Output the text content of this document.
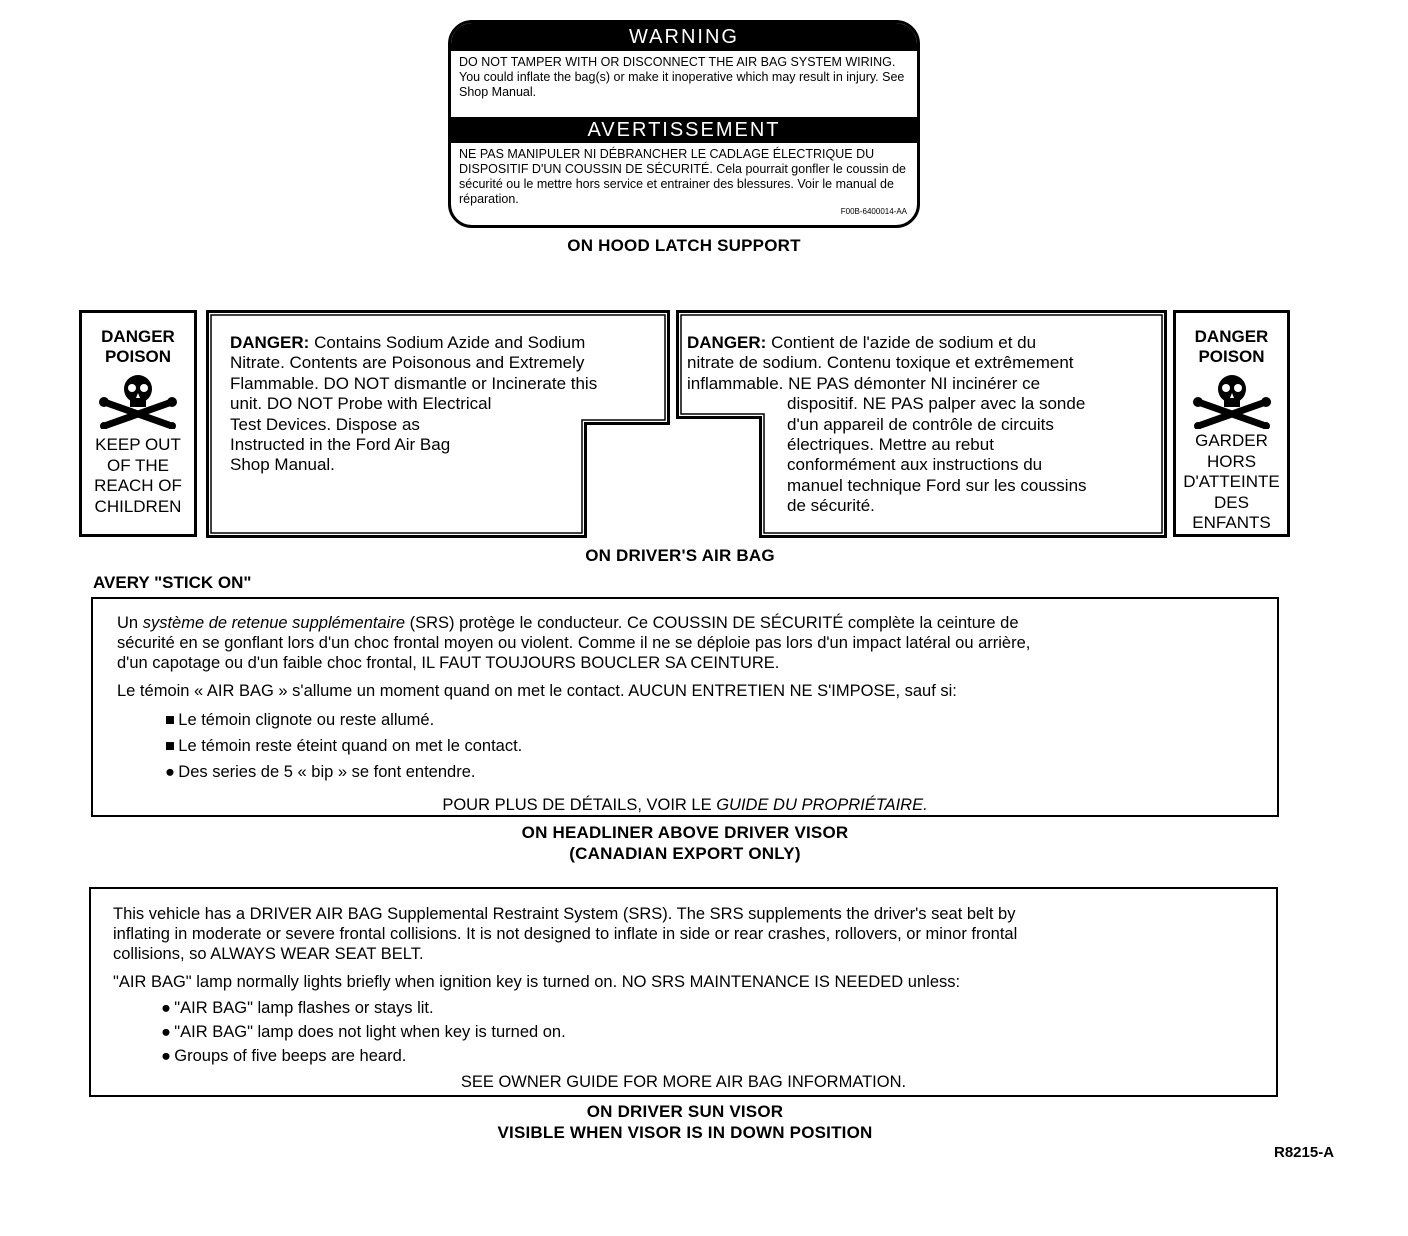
WARNING
DO NOT TAMPER WITH OR DISCONNECT THE AIR BAG SYSTEM WIRING. You could inflate the bag(s) or make it inoperative which may result in injury. See Shop Manual.
AVERTISSEMENT
NE PAS MANIPULER NI DÉBRANCHER LE CADLAGE ÉLECTRIQUE DU DISPOSITIF D'UN COUSSIN DE SÉCURITÉ. Cela pourrait gonfler le coussin de sécurité ou le mettre hors service et entrainer des blessures. Voir le manual de réparation.
F00B-6400014-AA
ON HOOD LATCH SUPPORT
DANGER
POISON
KEEP OUT
OF THE
REACH OF
CHILDREN
DANGER: Contains Sodium Azide and Sodium
Nitrate. Contents are Poisonous and Extremely
Flammable. DO NOT dismantle or Incinerate this
unit. DO NOT Probe with Electrical
Test Devices. Dispose as
Instructed in the Ford Air Bag
Shop Manual.
DANGER: Contient de l'azide de sodium et du
nitrate de sodium. Contenu toxique et extrêmement
inflammable. NE PAS démonter NI incinérer ce
dispositif. NE PAS palper avec la sonde
d'un appareil de contrôle de circuits
électriques. Mettre au rebut
conformément aux instructions du
manuel technique Ford sur les coussins
de sécurité.
DANGER
POISON
GARDER
HORS
D'ATTEINTE
DES
ENFANTS
ON DRIVER'S AIR BAG
AVERY "STICK ON"
Un système de retenue supplémentaire (SRS) protège le conducteur. Ce COUSSIN DE SÉCURITÉ complète la ceinture de
sécurité en se gonflant lors d'un choc frontal moyen ou violent. Comme il ne se déploie pas lors d'un impact latéral ou arrière,
d'un capotage ou d'un faible choc frontal, IL FAUT TOUJOURS BOUCLER SA CEINTURE.
Le témoin « AIR BAG » s'allume un moment quand on met le contact. AUCUN ENTRETIEN NE S'IMPOSE, sauf si:
■ Le témoin clignote ou reste allumé.
■ Le témoin reste éteint quand on met le contact.
● Des series de 5 « bip » se font entendre.
POUR PLUS DE DÉTAILS, VOIR LE GUIDE DU PROPRIÉTAIRE.
ON HEADLINER ABOVE DRIVER VISOR
(CANADIAN EXPORT ONLY)
This vehicle has a DRIVER AIR BAG Supplemental Restraint System (SRS). The SRS supplements the driver's seat belt by
inflating in moderate or severe frontal collisions. It is not designed to inflate in side or rear crashes, rollovers, or minor frontal
collisions, so ALWAYS WEAR SEAT BELT.
"AIR BAG" lamp normally lights briefly when ignition key is turned on. NO SRS MAINTENANCE IS NEEDED unless:
● "AIR BAG" lamp flashes or stays lit.
● "AIR BAG" lamp does not light when key is turned on.
● Groups of five beeps are heard.
SEE OWNER GUIDE FOR MORE AIR BAG INFORMATION.
ON DRIVER SUN VISOR
VISIBLE WHEN VISOR IS IN DOWN POSITION
R8215-A
